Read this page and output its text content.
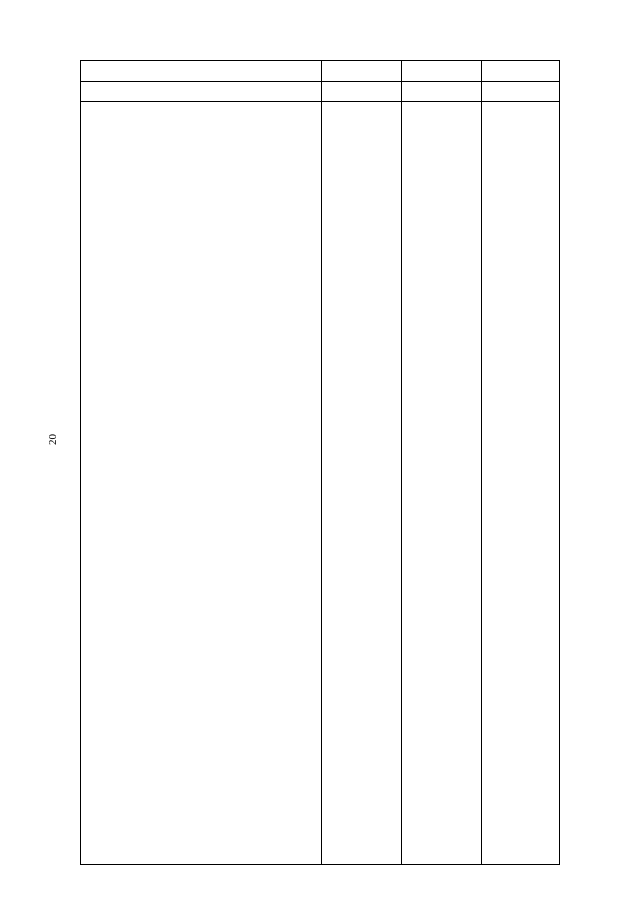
20
